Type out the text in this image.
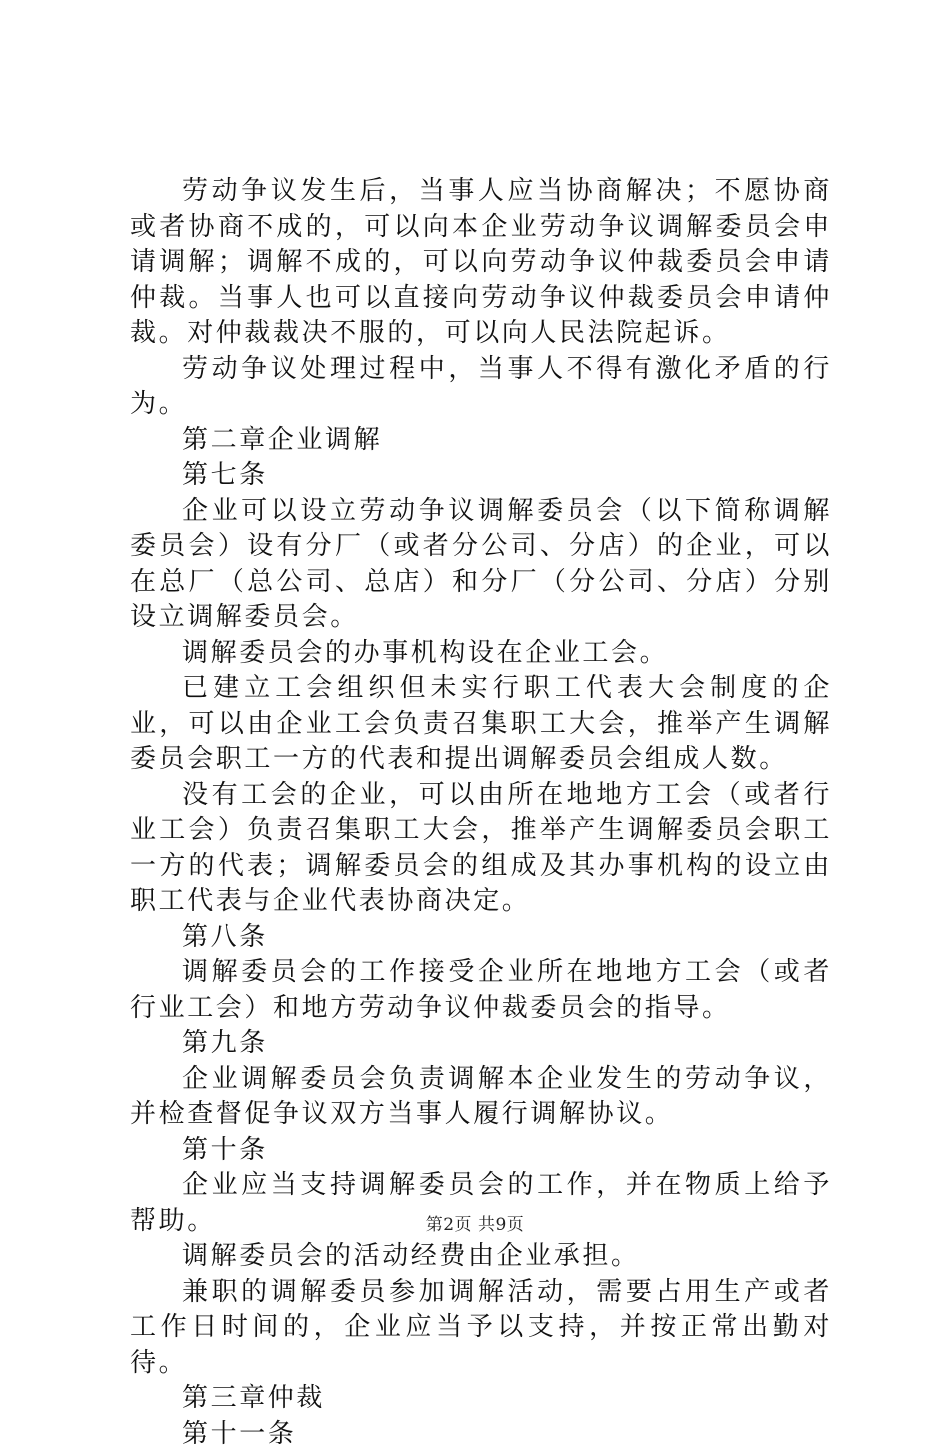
劳动争议发生后，当事人应当协商解决；不愿协商或者协商不成的，可以向本企业劳动争议调解委员会申请调解；调解不成的，可以向劳动争议仲裁委员会申请仲裁。当事人也可以直接向劳动争议仲裁委员会申请仲裁。对仲裁裁决不服的，可以向人民法院起诉。

劳动争议处理过程中，当事人不得有激化矛盾的行为。

第二章企业调解

第七条

企业可以设立劳动争议调解委员会（以下简称调解委员会）设有分厂（或者分公司、分店）的企业，可以在总厂（总公司、总店）和分厂（分公司、分店）分别设立调解委员会。

调解委员会的办事机构设在企业工会。

已建立工会组织但未实行职工代表大会制度的企业，可以由企业工会负责召集职工大会，推举产生调解委员会职工一方的代表和提出调解委员会组成人数。

没有工会的企业，可以由所在地地方工会（或者行业工会）负责召集职工大会，推举产生调解委员会职工一方的代表；调解委员会的组成及其办事机构的设立由职工代表与企业代表协商决定。

第八条

调解委员会的工作接受企业所在地地方工会（或者行业工会）和地方劳动争议仲裁委员会的指导。

第九条

企业调解委员会负责调解本企业发生的劳动争议，并检查督促争议双方当事人履行调解协议。

第十条

企业应当支持调解委员会的工作，并在物质上给予帮助。

调解委员会的活动经费由企业承担。

兼职的调解委员参加调解活动，需要占用生产或者工作日时间的，企业应当予以支持，并按正常出勤对待。

第三章仲裁

第十一条

第2页 共9页
